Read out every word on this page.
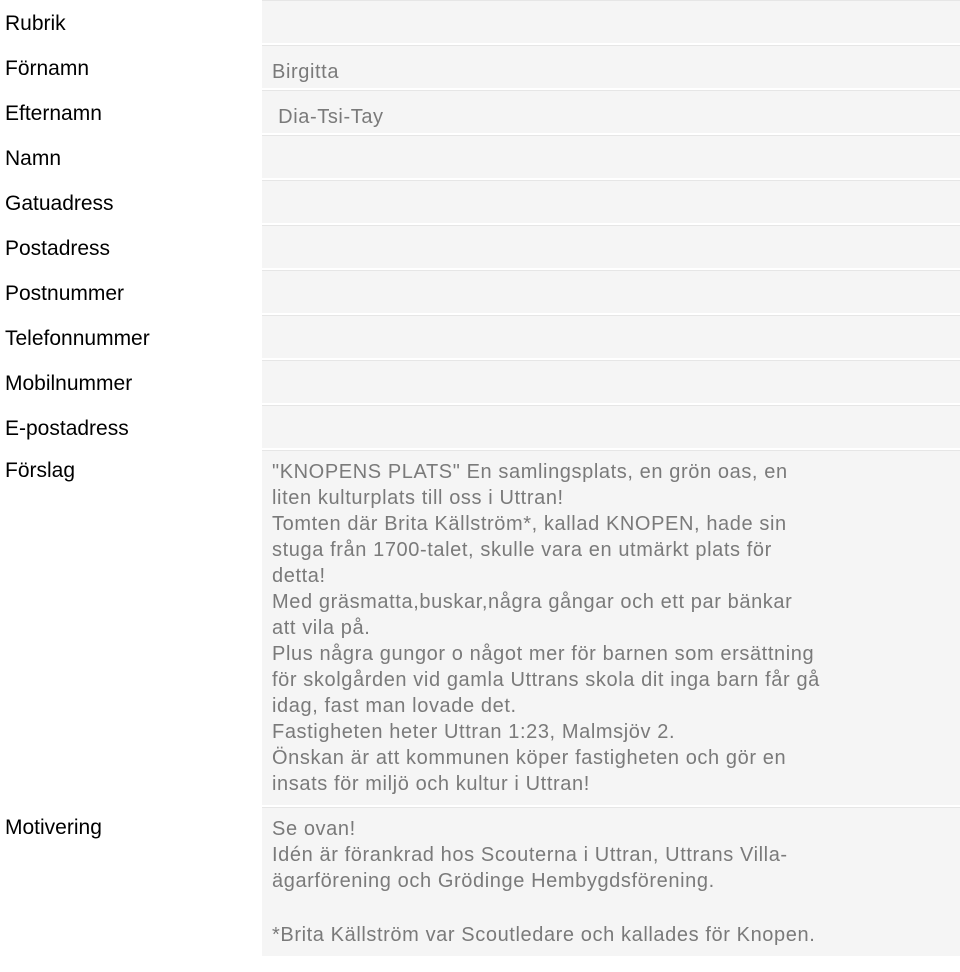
Rubrik
Förnamn	Birgitta
Efternamn	Dia-Tsi-Tay
Namn
Gatuadress
Postadress
Postnummer
Telefonnummer
Mobilnummer
E-postadress
Förslag	"KNOPENS PLATS" En samlingsplats, en grön oas, en
liten kulturplats till oss i Uttran!
Tomten där Brita Källström*, kallad KNOPEN, hade sin
stuga från 1700-talet, skulle vara en utmärkt plats för
detta!
Med gräsmatta,buskar,några gångar och ett par bänkar
att vila på.
Plus några gungor o något mer för barnen som ersättning
för skolgården vid gamla Uttrans skola dit inga barn får gå
idag, fast man lovade det.
Fastigheten heter Uttran 1:23, Malmsjöv 2.
Önskan är att kommunen köper fastigheten och gör en
insats för miljö och kultur i Uttran!

Motivering	Se ovan!
Idén är förankrad hos Scouterna i Uttran, Uttrans Villa-
ägarförening och Grödinge Hembygdsförening.

*Brita Källström var Scoutledare och kallades för Knopen.
